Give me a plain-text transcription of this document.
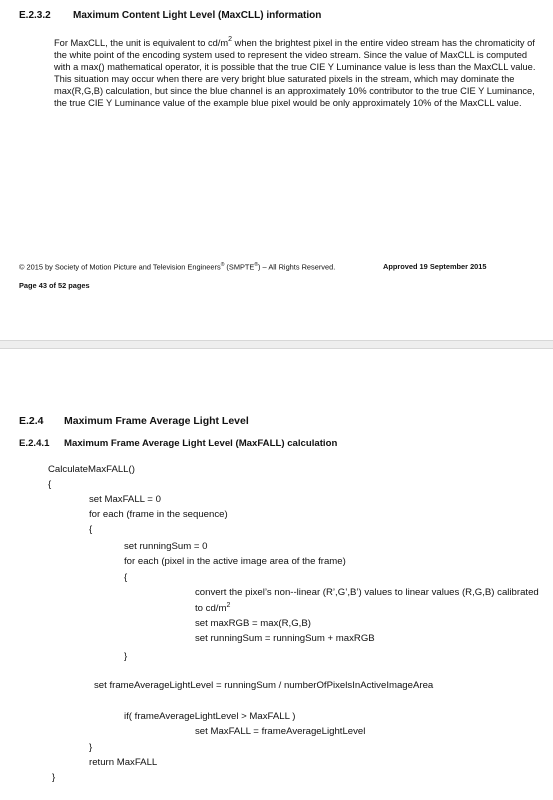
E.2.3.2 Maximum Content Light Level (MaxCLL) information

For MaxCLL, the unit is equivalent to $cd/m^2$ when the brightest pixel in the entire video stream has the chromaticity of the white point of the encoding system used to represent the video stream. Since the value of MaxCLL is computed with a max() mathematical operator, it is possible that the true CIE Y Luminance value is less than the MaxCLL value. This situation may occur when there are very bright blue saturated pixels in the stream, which may dominate the max(R,G,B) calculation, but since the blue channel is an approximately 10% contributor to the true CIE Y Luminance, the true CIE Y Luminance value of the example blue pixel would be only approximately 10% of the MaxCLL value.

© 2015 by Society of Motion Picture and Television Engineers® (SMPTE®) – All Rights Reserved.	Approved 19 September 2015
Page 43 of 52 pages
E.2.4 Maximum Frame Average Light Level
E.2.4.1 Maximum Frame Average Light Level (MaxFALL) calculation
CalculateMaxFALL()
{
set MaxFALL = 0
for each (frame in the sequence)
{
set runningSum = 0
for each (pixel in the active image area of the frame)
{
convert the pixel’s non-‐linear (R’,G’,B’) values to linear values (R,G,B) calibrated
to $cd/m^2$
set maxRGB = max(R,G,B)
set runningSum = runningSum + maxRGB
}
set frameAverageLightLevel = runningSum / numberOfPixelsInActiveImageArea
if( frameAverageLightLevel > MaxFALL )
set MaxFALL = frameAverageLightLevel
}
return MaxFALL
}
